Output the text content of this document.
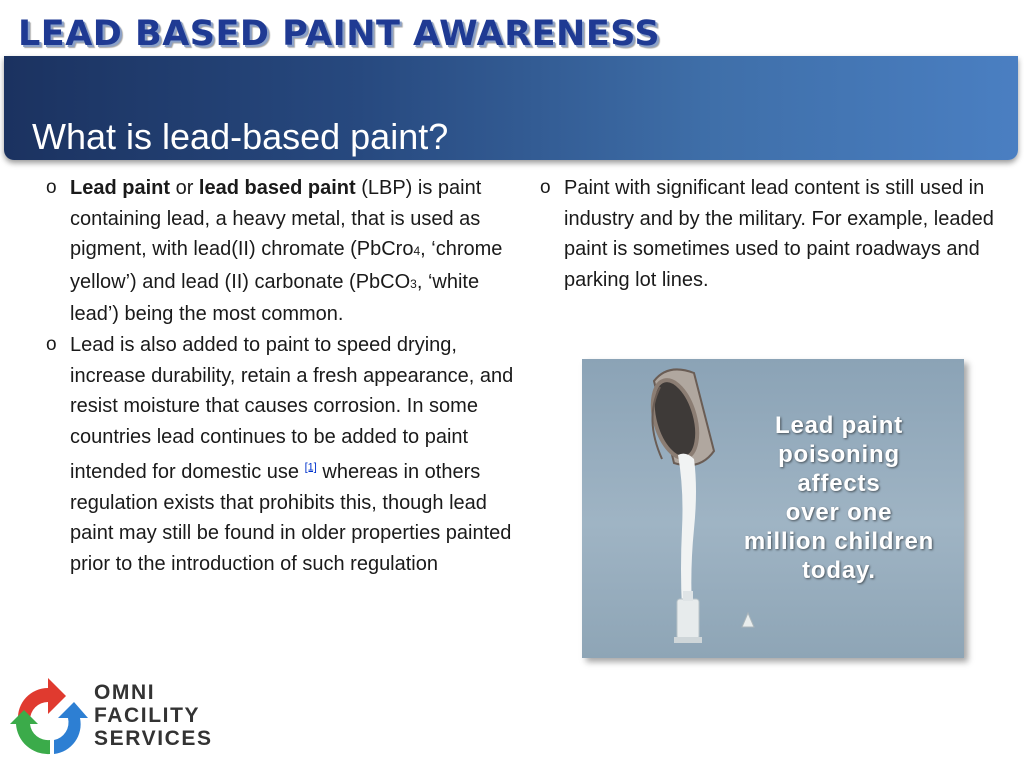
LEAD BASED PAINT AWARENESS
What is lead-based paint?
o Lead paint or lead based paint (LBP) is paint containing lead, a heavy metal, that is used as pigment, with lead(II) chromate (PbCro4, ‘chrome yellow’) and lead (II) carbonate (PbCO3, ‘white lead’) being the most common.
o Lead is also added to paint to speed drying, increase durability, retain a fresh appearance, and resist moisture that causes corrosion. In some countries lead continues to be added to paint intended for domestic use [1] whereas in others regulation exists that prohibits this, though lead paint may still be found in older properties painted prior to the introduction of such regulation
o Paint with significant lead content is still used in industry and by the military. For example, leaded paint is sometimes used to paint roadways and parking lot lines.
Lead paint
poisoning
affects
over one
million children
today.
OMNI
FACILITY
SERVICES
